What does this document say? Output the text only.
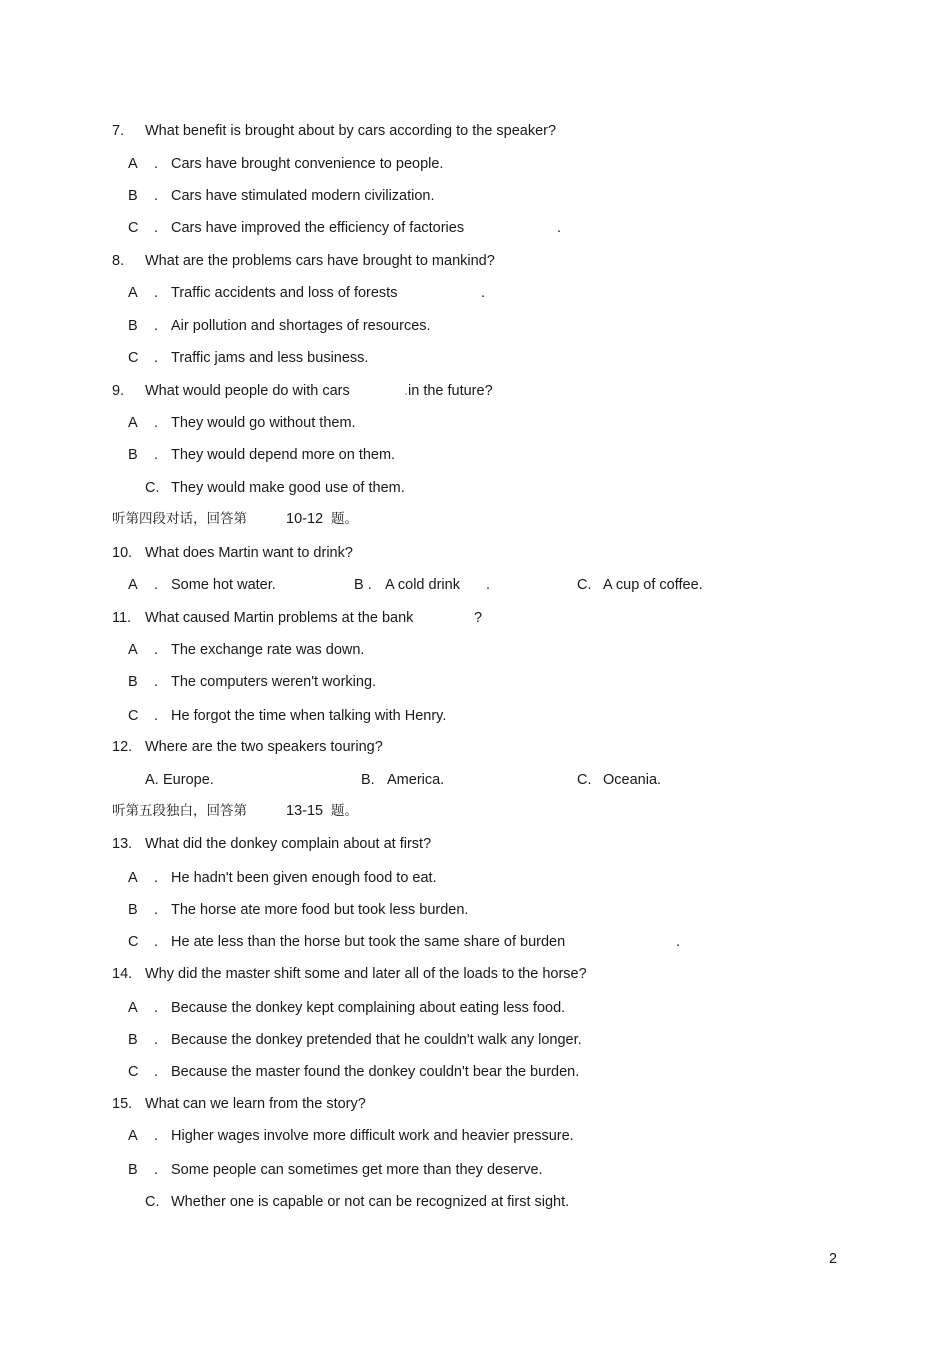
7. What benefit is brought about by cars according to the speaker?
A . Cars have brought convenience to people.
B . Cars have stimulated modern civilization.
C . Cars have improved the efficiency of factories	.
8. What are the problems cars have brought to mankind?
A . Traffic accidents and loss of forests	.
B . Air pollution and shortages of resources.
C . Traffic jams and less business.
9. What would people do with cars	. in the future?
A . They would go without them.
B . They would depend more on them.
C. They would make good use of them.
听第四段对话，回答第	10-12 题。
10. What does Martin want to drink?
A . Some hot water.	B . A cold drink .	C. A cup of coffee.
11. What caused Martin problems at the bank	?
A . The exchange rate was down.
B . The computers weren't working.
C . He forgot the time when talking with Henry.
12. Where are the two speakers touring?
A. Europe.	B. America.	C. Oceania.
听第五段独白，回答第	13-15 题。
13. What did the donkey complain about at first?
A . He hadn't been given enough food to eat.
B . The horse ate more food but took less burden.
C . He ate less than the horse but took the same share of burden	.
14. Why did the master shift some and later all of the loads to the horse?
A . Because the donkey kept complaining about eating less food.
B . Because the donkey pretended that he couldn't walk any longer.
C . Because the master found the donkey couldn't bear the burden.
15. What can we learn from the story?
A . Higher wages involve more difficult work and heavier pressure.
B . Some people can sometimes get more than they deserve.
C. Whether one is capable or not can be recognized at first sight.
2
